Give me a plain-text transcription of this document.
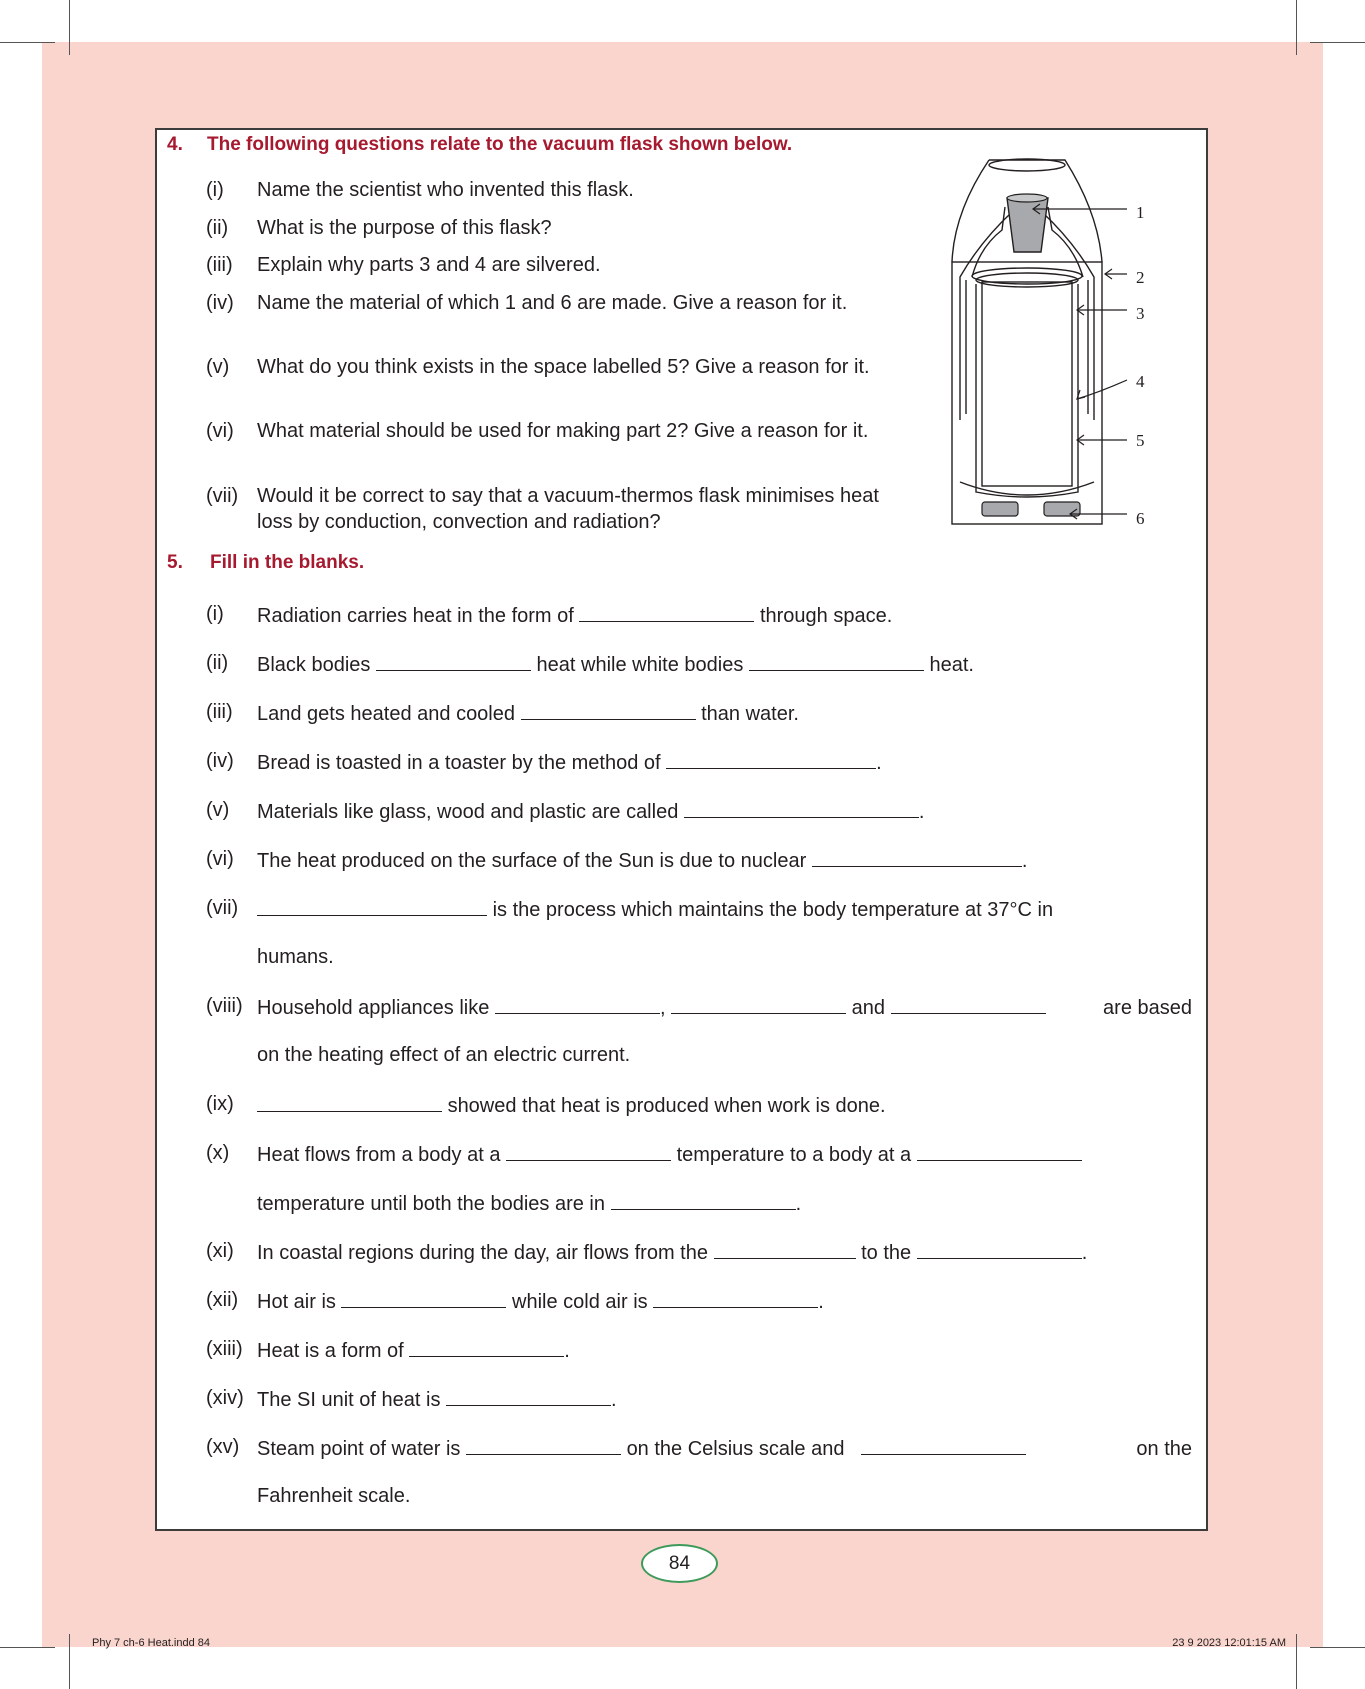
4. The following questions relate to the vacuum flask shown below.
(i) Name the scientist who invented this flask.
(ii) What is the purpose of this flask?
(iii) Explain why parts 3 and 4 are silvered.
(iv) Name the material of which 1 and 6 are made. Give a reason for it.
(v) What do you think exists in the space labelled 5? Give a reason for it.
(vi) What material should be used for making part 2? Give a reason for it.
(vii) Would it be correct to say that a vacuum-thermos flask minimises heat loss by conduction, convection and radiation?
1
2
3
4
5
6
5. Fill in the blanks.
(i) Radiation carries heat in the form of	through space.
(ii) Black bodies	heat while white bodies	heat.
(iii) Land gets heated and cooled	than water.
(iv) Bread is toasted in a toaster by the method of	.
(v) Materials like glass, wood and plastic are called	.
(vi) The heat produced on the surface of the Sun is due to nuclear	.
(vii)	is the process which maintains the body temperature at 37°C in
humans.
(viii) Household appliances like
	,

	and
	are based
on the heating effect of an electric current.
(ix)	showed that heat is produced when work is done.
(x) Heat flows from a body at a	temperature to a body at a
temperature until both the bodies are in	.
(xi) In coastal regions during the day, air flows from the	to the	.
(xii) Hot air is	while cold air is	.
(xiii) Heat is a form of	.
(xiv) The SI unit of heat is	.
(xv) Steam point of water is

	on the Celsius scale and
	on the
Fahrenheit scale.
84
Phy 7 ch-6 Heat.indd 84	23 9 2023 12:01:15 AM
